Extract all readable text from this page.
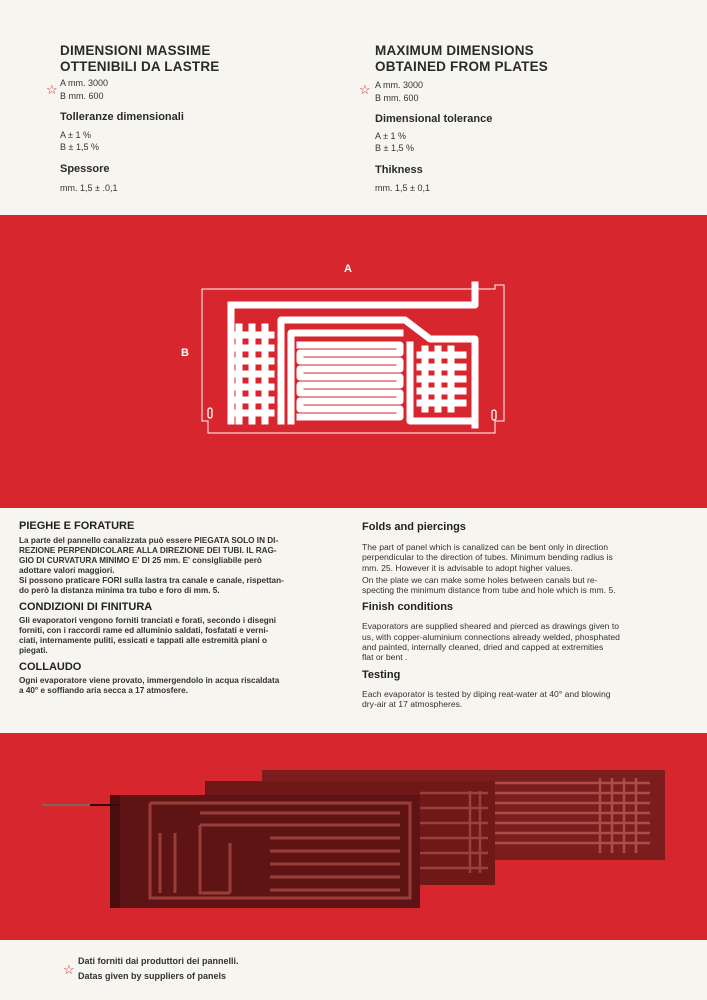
DIMENSIONI MASSIME
OTTENIBILI DA LASTRE
☆ A mm. 3000
B mm. 600
Tolleranze dimensionali
A ± 1 %
B ± 1,5 %
Spessore
mm. 1,5 ± .0,1
MAXIMUM DIMENSIONS
OBTAINED FROM PLATES
☆ A mm. 3000
B mm. 600
Dimensional tolerance
A ± 1 %
B ± 1,5 %
Thikness
mm. 1,5 ± 0,1
A
B
PIEGHE E FORATURE
La parte del pannello canalizzata può essere PIEGATA SOLO IN DI-
REZIONE PERPENDICOLARE ALLA DIREZIONE DEI TUBI. IL RAG-
GIO DI CURVATURA MINIMO E' DI 25 mm. E' consigliabile però
adottare valori maggiori.
Si possono praticare FORI sulla lastra tra canale e canale, rispettan-
do però la distanza minima tra tubo e foro di mm. 5.
CONDIZIONI DI FINITURA
Gli evaporatori vengono forniti tranciati e forati, secondo i disegni
forniti, con i raccordi rame ed alluminio saldati, fosfatati e verni-
ciati, internamente puliti, essicati e tappati alle estremità piani o
piegati.
COLLAUDO
Ogni evaporatore viene provato, immergendolo in acqua riscaldata
a 40° e soffiando aria secca a 17 atmosfere.
Folds and piercings
The part of panel which is canalized can be bent only in direction
perpendicular to the direction of tubes. Minimum bending radius is
mm. 25. However it is advisable to adopt higher values.
On the plate we can make some holes between canals but re-
specting the minimum distance from tube and hole which is mm. 5.
Finish conditions
Evaporators are supplied sheared and pierced as drawings given to
us, with copper-aluminium connections already welded, phosphated
and painted, internally cleaned, dried and capped at extremities
flat or bent .
Testing
Each evaporator is tested by diping reat-water at 40° and blowing
dry-air at 17 atmospheres.
☆
Dati forniti dai produttori dei pannelli.
Datas given by suppliers of panels
